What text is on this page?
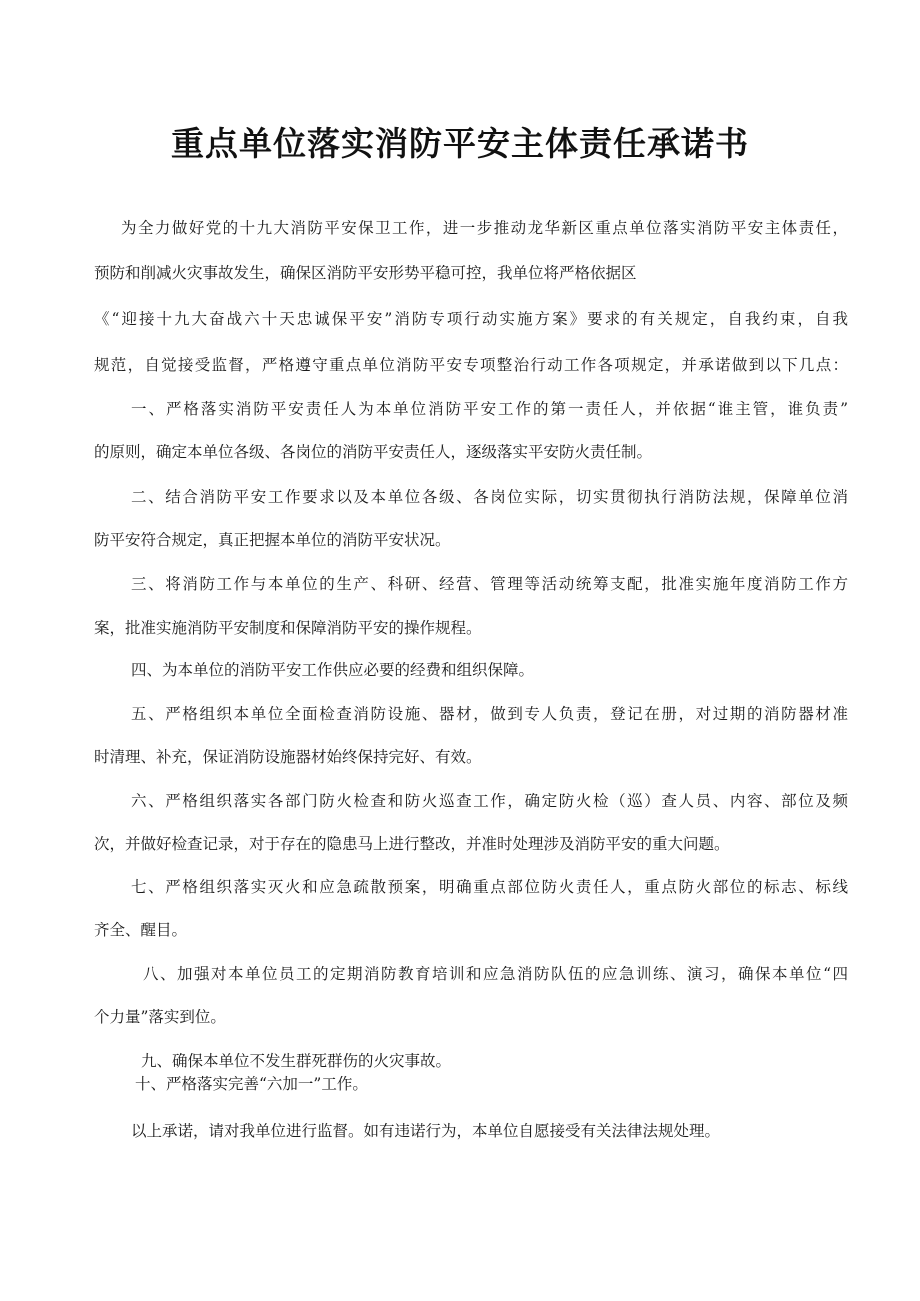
重点单位落实消防平安主体责任承诺书

为全力做好党的十九大消防平安保卫工作，进一步推动龙华新区重点单位落实消防平安主体责任，

预防和削减火灾事故发生，确保区消防平安形势平稳可控，我单位将严格依据区

《“迎接十九大奋战六十天忠诚保平安”消防专项行动实施方案》要求的有关规定，自我约束，自我

规范，自觉接受监督，严格遵守重点单位消防平安专项整治行动工作各项规定，并承诺做到以下几点：

一、严格落实消防平安责任人为本单位消防平安工作的第一责任人，并依据“谁主管，谁负责”

的原则，确定本单位各级、各岗位的消防平安责任人，逐级落实平安防火责任制。

二、结合消防平安工作要求以及本单位各级、各岗位实际，切实贯彻执行消防法规，保障单位消

防平安符合规定，真正把握本单位的消防平安状况。

三、将消防工作与本单位的生产、科研、经营、管理等活动统筹支配，批准实施年度消防工作方

案，批准实施消防平安制度和保障消防平安的操作规程。

四、为本单位的消防平安工作供应必要的经费和组织保障。

五、严格组织本单位全面检查消防设施、器材，做到专人负责，登记在册，对过期的消防器材准

时清理、补充，保证消防设施器材始终保持完好、有效。

六、严格组织落实各部门防火检查和防火巡查工作，确定防火检（巡）查人员、内容、部位及频

次，并做好检查记录，对于存在的隐患马上进行整改，并准时处理涉及消防平安的重大问题。

七、严格组织落实灭火和应急疏散预案，明确重点部位防火责任人，重点防火部位的标志、标线

齐全、醒目。

八、加强对本单位员工的定期消防教育培训和应急消防队伍的应急训练、演习，确保本单位“四

个力量”落实到位。

九、确保本单位不发生群死群伤的火灾事故。

十、严格落实完善“六加一”工作。

以上承诺，请对我单位进行监督。如有违诺行为，本单位自愿接受有关法律法规处理。
